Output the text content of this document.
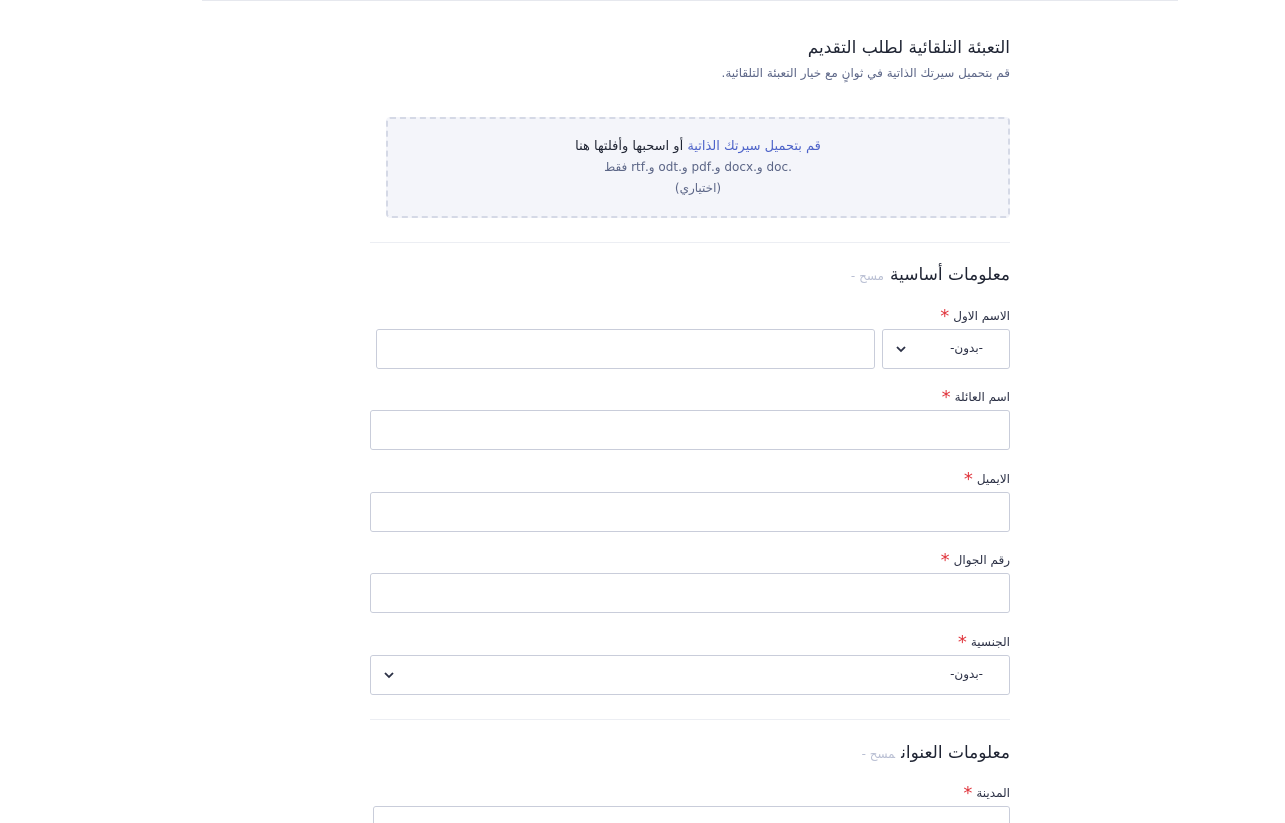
التعبئة التلقائية لطلب التقديم
قم بتحميل سيرتك الذاتية في ثوانٍ مع خيار التعبئة التلقائية.
قم بتحميل سيرتك الذاتية أو اسحبها وأفلتها هنا
.doc و.docx و.pdf و.odt و.rtf فقط
(اختياري)
معلومات أساسيةمسح -
الاسم الاول*
-بدون-
اسم العائلة*
الايميل*
رقم الجوال*
الجنسية*
-بدون-
معلومات العنوانمسح -
المدينة*
